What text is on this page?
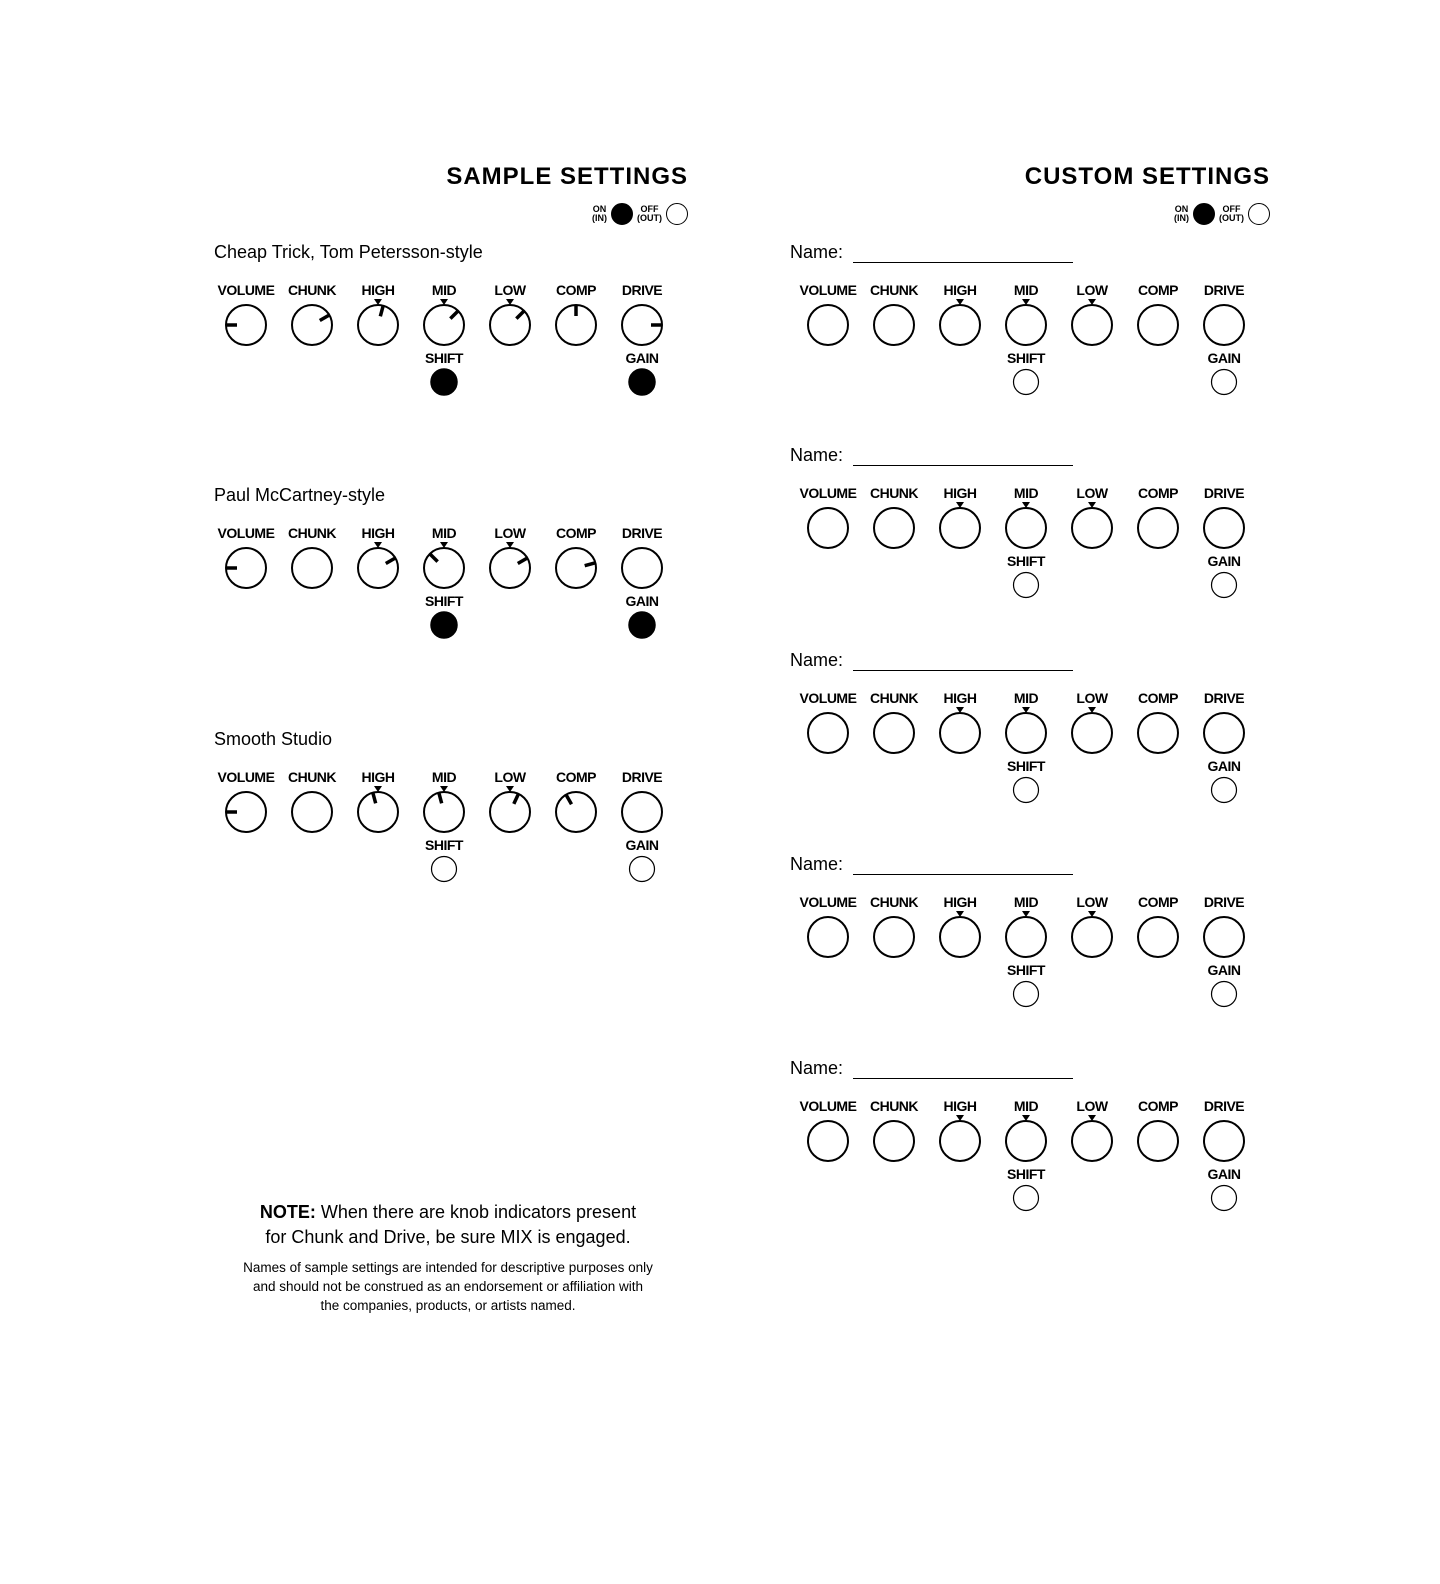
SAMPLE SETTINGS
ON
(IN)
OFF
(OUT)
Cheap Trick, Tom Petersson-style
VOLUME CHUNK HIGH	MID	LOW COMP DRIVE
SHIFT	GAIN
Paul McCartney-style
VOLUME CHUNK HIGH	MID	LOW COMP DRIVE
SHIFT	GAIN
Smooth Studio
VOLUME CHUNK HIGH	MID	LOW COMP DRIVE
SHIFT	GAIN
NOTE: When there are knob indicators present
for Chunk and Drive, be sure MIX is engaged.
Names of sample settings are intended for descriptive purposes only
and should not be construed as an endorsement or affiliation with
the companies, products, or artists named.
CUSTOM SETTINGS
ON
(IN)
OFF
(OUT)
Name:
VOLUME CHUNK HIGH	MID	LOW COMP DRIVE
SHIFT	GAIN
Name:
VOLUME CHUNK HIGH	MID	LOW COMP DRIVE
SHIFT	GAIN
Name:
VOLUME CHUNK HIGH	MID	LOW COMP DRIVE
SHIFT	GAIN
Name:
VOLUME CHUNK HIGH	MID	LOW COMP DRIVE
SHIFT	GAIN
Name:
VOLUME CHUNK HIGH	MID	LOW COMP DRIVE
SHIFT	GAIN
